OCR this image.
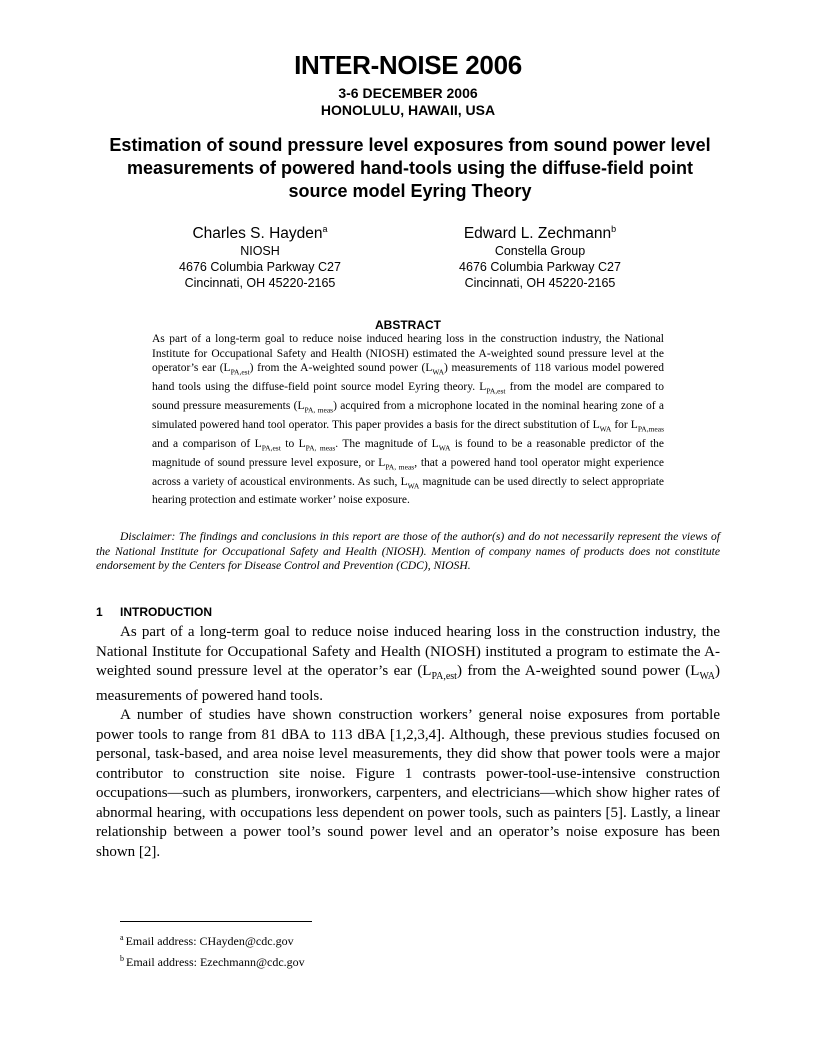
INTER-NOISE 2006
3-6 DECEMBER 2006
HONOLULU, HAWAII, USA
Estimation of sound pressure level exposures from sound power level measurements of powered hand-tools using the diffuse-field point source model Eyring Theory
Charles S. Hayden$^a$
NIOSH
4676 Columbia Parkway C27
Cincinnati, OH 45220-2165
Edward L. Zechmann$^b$
Constella Group
4676 Columbia Parkway C27
Cincinnati, OH 45220-2165
ABSTRACT
As part of a long-term goal to reduce noise induced hearing loss in the construction industry, the National Institute for Occupational Safety and Health (NIOSH) estimated the A-weighted sound pressure level at the operator’s ear $(L_{PA,est})$ from the A-weighted sound power $(L_{WA})$ measurements of 118 various model powered hand tools using the diffuse-field point source model Eyring theory. $L_{PA,est}$ from the model are compared to sound pressure measurements $(L_{PA, meas})$ acquired from a microphone located in the nominal hearing zone of a simulated powered hand tool operator. This paper provides a basis for the direct substitution of $L_{WA}$ for $L_{PA,meas}$ and a comparison of $L_{PA,est}$ to $L_{PA, meas}$. The magnitude of $L_{WA}$ is found to be a reasonable predictor of the magnitude of sound pressure level exposure, or $L_{PA, meas}$, that a powered hand tool operator might experience across a variety of acoustical environments. As such, $L_{WA}$ magnitude can be used directly to select appropriate hearing protection and estimate worker’ noise exposure.
Disclaimer: The findings and conclusions in this report are those of the author(s) and do not necessarily represent the views of the National Institute for Occupational Safety and Health (NIOSH). Mention of company names of products does not constitute endorsement by the Centers for Disease Control and Prevention (CDC), NIOSH.
1 INTRODUCTION

As part of a long-term goal to reduce noise induced hearing loss in the construction industry, the National Institute for Occupational Safety and Health (NIOSH) instituted a program to estimate the A-weighted sound pressure level at the operator’s ear $(L_{PA,est})$ from the A-weighted sound power $(L_{WA})$ measurements of powered hand tools.

A number of studies have shown construction workers’ general noise exposures from portable power tools to range from 81 dBA to 113 dBA [1,2,3,4]. Although, these previous studies focused on personal, task-based, and area noise level measurements, they did show that power tools were a major contributor to construction site noise. Figure 1 contrasts power-tool-use-intensive construction occupations—such as plumbers, ironworkers, carpenters, and electricians—which show higher rates of abnormal hearing, with occupations less dependent on power tools, such as painters [5]. Lastly, a linear relationship between a power tool’s sound power level and an operator’s noise exposure has been shown [2].

$^a$ Email address: CHayden@cdc.gov
$^b$ Email address: Ezechmann@cdc.gov
